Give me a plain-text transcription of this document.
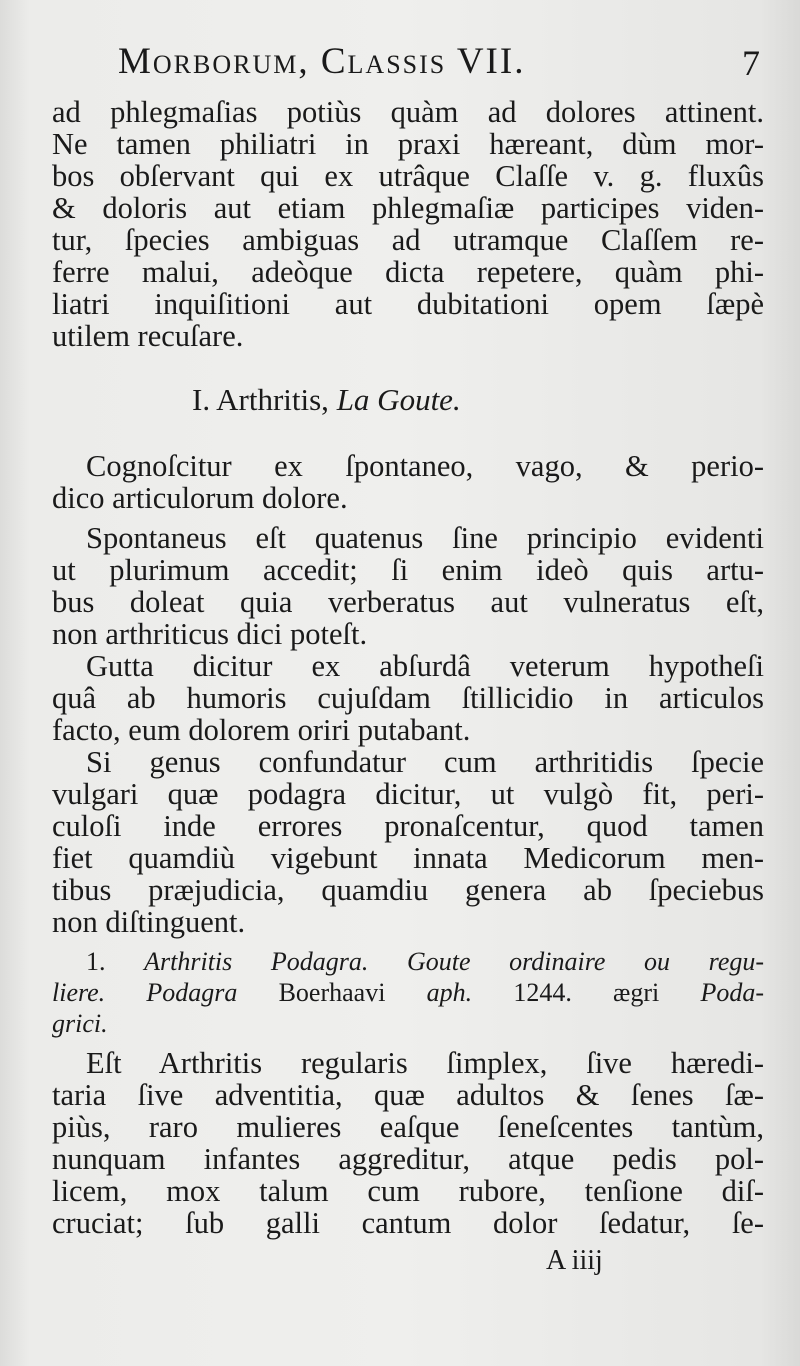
Morborum, Classis VII.	7
ad phlegmaſias potiùs quàm ad dolores attinent.
Ne tamen philiatri in praxi hæreant, dùm mor-
bos obſervant qui ex utrâque Claſſe v. g. fluxûs
& doloris aut etiam phlegmaſiæ participes viden-
tur, ſpecies ambiguas ad utramque Claſſem re-
ferre malui, adeòque dicta repetere, quàm phi-
liatri inquiſitioni aut dubitationi opem ſæpè
utilem recuſare.
I. Arthritis, La Goute.
Cognoſcitur ex ſpontaneo, vago, & perio-
dico articulorum dolore.
Spontaneus eſt quatenus ſine principio evidenti
ut plurimum accedit; ſi enim ideò quis artu-
bus doleat quia verberatus aut vulneratus eſt,
non arthriticus dici poteſt.
Gutta dicitur ex abſurdâ veterum hypotheſi
quâ ab humoris cujuſdam ſtillicidio in articulos
facto, eum dolorem oriri putabant.
Si genus confundatur cum arthritidis ſpecie
vulgari quæ podagra dicitur, ut vulgò fit, peri-
culoſi inde errores pronaſcentur, quod tamen
fiet quamdiù vigebunt innata Medicorum men-
tibus præjudicia, quamdiu genera ab ſpeciebus
non diſtinguent.
1. Arthritis Podagra. Goute ordinaire ou regu-
liere. Podagra Boerhaavi aph. 1244. ægri Poda-
grici.
Eſt Arthritis regularis ſimplex, ſive hæredi-
taria ſive adventitia, quæ adultos & ſenes ſæ-
piùs, raro mulieres eaſque ſeneſcentes tantùm,
nunquam infantes aggreditur, atque pedis pol-
licem, mox talum cum rubore, tenſione diſ-
cruciat; ſub galli cantum dolor ſedatur, ſe-
A iiij
